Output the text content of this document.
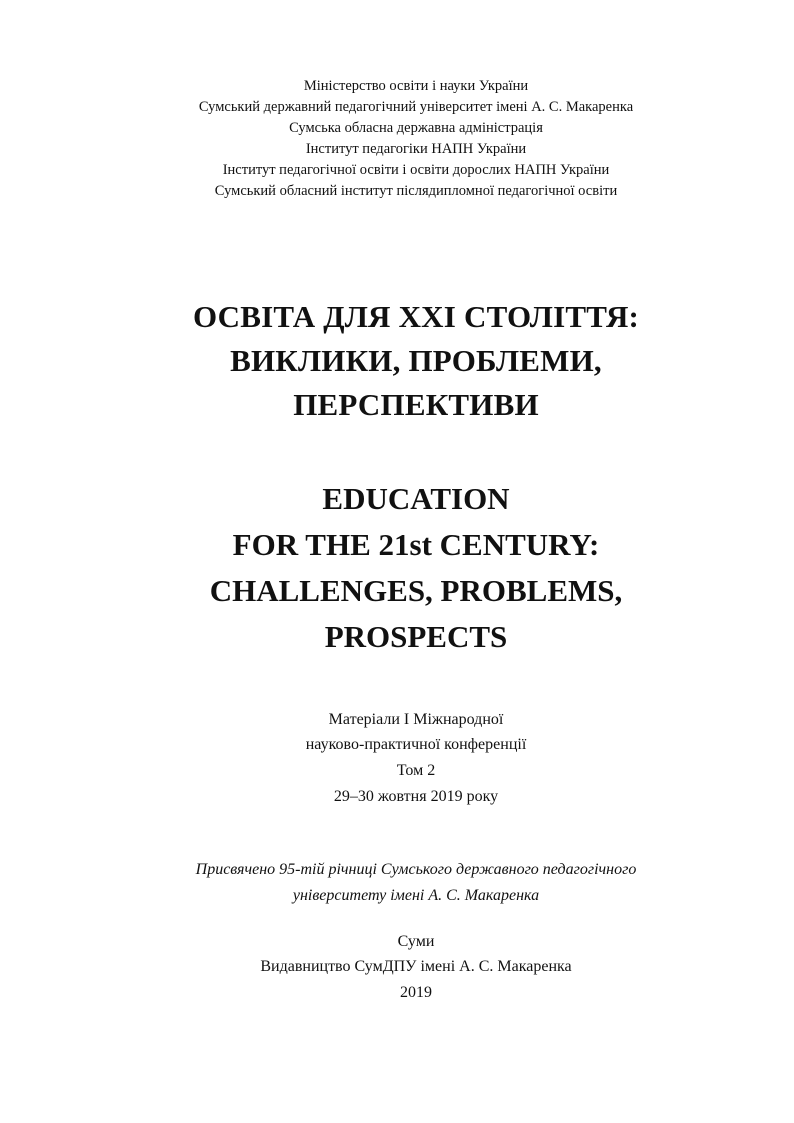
Міністерство освіти і науки України
Сумський державний педагогічний університет імені А. С. Макаренка
Сумська обласна державна адміністрація
Інститут педагогіки НАПН України
Інститут педагогічної освіти і освіти дорослих НАПН України
Сумський обласний інститут післядипломної педагогічної освіти
ОСВІТА ДЛЯ ХХІ СТОЛІТТЯ:
ВИКЛИКИ, ПРОБЛЕМИ,
ПЕРСПЕКТИВИ
EDUCATION
FOR THE 21st CENTURY:
CHALLENGES, PROBLEMS,
PROSPECTS
Матеріали І Міжнародної
науково-практичної конференції
Том 2
29–30 жовтня 2019 року
Присвячено 95-тій річниці Сумського державного педагогічного
університету імені А. С. Макаренка
Суми
Видавництво СумДПУ імені А. С. Макаренка
2019
